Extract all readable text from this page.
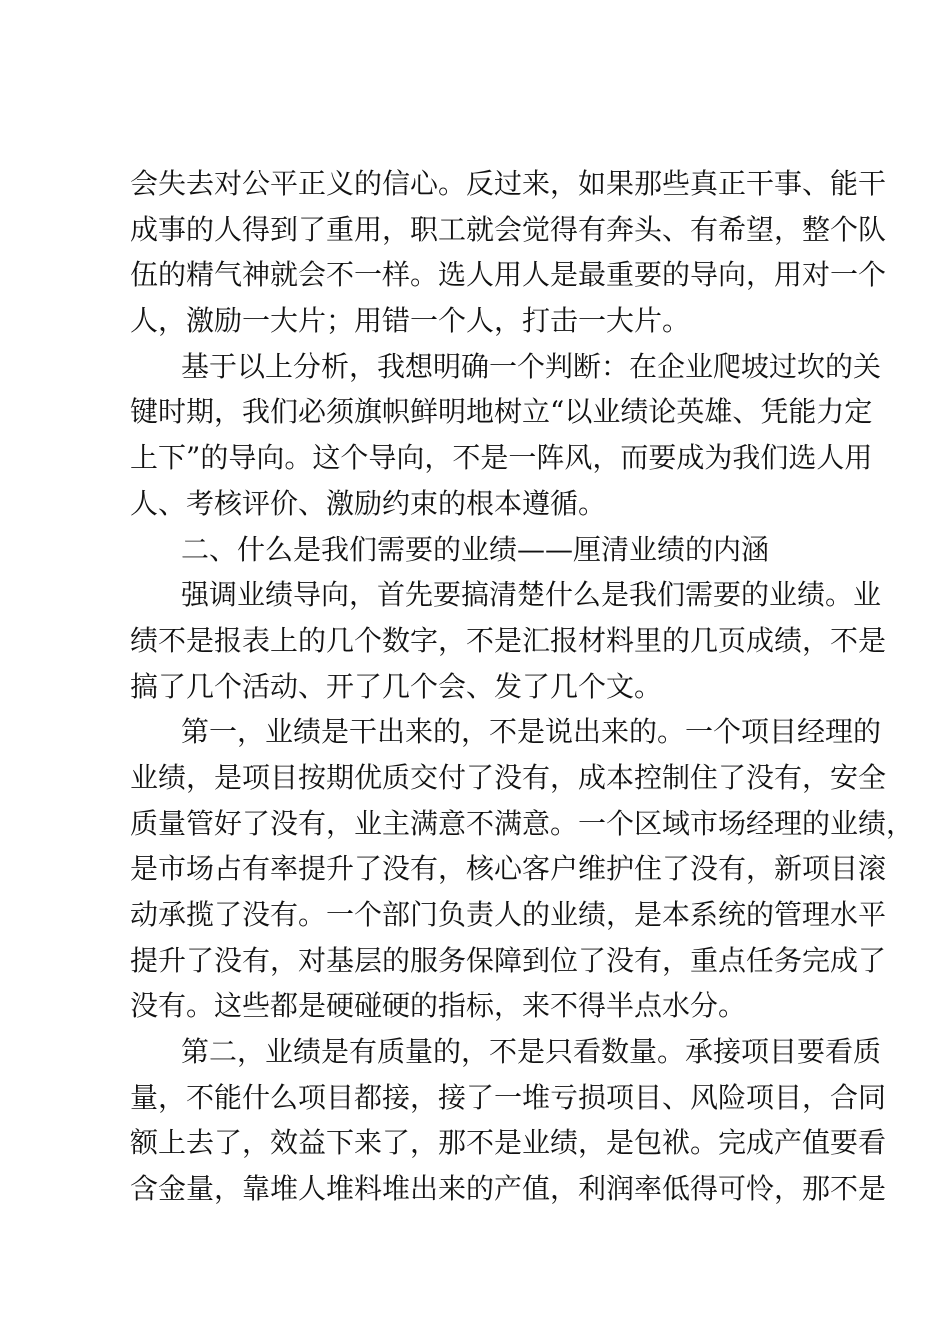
会失去对公平正义的信心。反过来，如果那些真正干事、能干
成事的人得到了重用，职工就会觉得有奔头、有希望，整个队
伍的精气神就会不一样。选人用人是最重要的导向，用对一个
人，激励一大片；用错一个人，打击一大片。
基于以上分析，我想明确一个判断：在企业爬坡过坎的关
键时期，我们必须旗帜鲜明地树立“以业绩论英雄、凭能力定
上下”的导向。这个导向，不是一阵风，而要成为我们选人用
人、考核评价、激励约束的根本遵循。
二、什么是我们需要的业绩——厘清业绩的内涵
强调业绩导向，首先要搞清楚什么是我们需要的业绩。业
绩不是报表上的几个数字，不是汇报材料里的几页成绩，不是
搞了几个活动、开了几个会、发了几个文。
第一，业绩是干出来的，不是说出来的。一个项目经理的
业绩，是项目按期优质交付了没有，成本控制住了没有，安全
质量管好了没有，业主满意不满意。一个区域市场经理的业绩，
是市场占有率提升了没有，核心客户维护住了没有，新项目滚
动承揽了没有。一个部门负责人的业绩，是本系统的管理水平
提升了没有，对基层的服务保障到位了没有，重点任务完成了
没有。这些都是硬碰硬的指标，来不得半点水分。
第二，业绩是有质量的，不是只看数量。承接项目要看质
量，不能什么项目都接，接了一堆亏损项目、风险项目，合同
额上去了，效益下来了，那不是业绩，是包袱。完成产值要看
含金量，靠堆人堆料堆出来的产值，利润率低得可怜，那不是
